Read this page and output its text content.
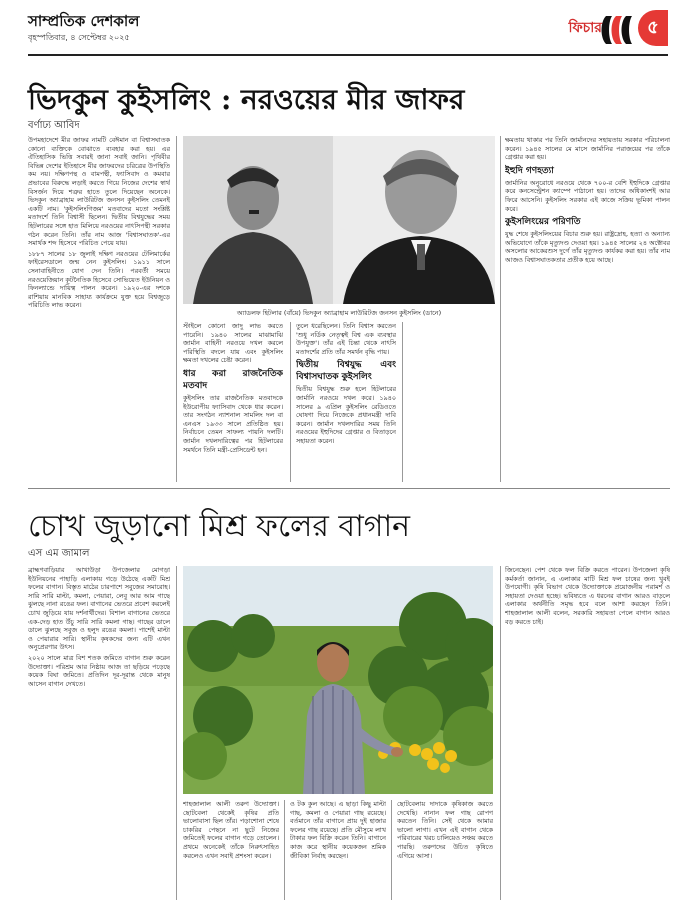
সাম্প্রতিক দেশকাল
বৃহস্পতিবার, ৪ সেপ্টেম্বর ২০২৫
ফিচার	৫
ভিদকুন কুইসলিং : নরওয়ের মীর জাফর
বর্ণাঢ্য আবিদ

উপমহাদেশে মীর জাফর নামটি বেঈমান বা বিশ্বাসঘাতক কোনো ব্যক্তিকে বোঝাতে ব্যবহার করা হয়। এর ঐতিহাসিক ভিত্তি সবারই জানা সবাই জানি। পৃথিবীর বিভিন্ন দেশের ইতিহাসে মীর জাফরদের চরিত্রের উপস্থিতি কম নয়। দক্ষিণপন্থ ও বামপন্থী, ফ্যাসিবাদ ও কমবার প্রভাবের বিরুদ্ধে লড়াই করতে গিয়ে নিজের দেশের স্বার্থ বিসর্জন দিয়ে শত্রুর হাতে তুলে দিয়েছেন অনেকে। ভিদকুন অ্যাব্রাহাম লাউরিটজ জনসন কুইসলিং তেমনই একটি নাম। 'কুইসলিংগিজম' মতবাদের মতো সংশ্লিষ্ট মতাদর্শে তিনি বিশ্বাসী ছিলেন। দ্বিতীয় বিশ্বযুদ্ধের সময় হিটলারের সঙ্গে হাত মিলিয়ে নরওয়ের নাৎসিপন্থী সরকার গঠন করেন তিনি। তাঁর নাম আজ 'বিশ্বাসঘাতক'-এর সমার্থক শব্দ হিসেবে পরিচিত পেয়ে যায়।

১৮৮৭ সালের ১৮ জুলাই দক্ষিণ নরওয়ের টেলিমার্কের ফাইরেসডালে জন্ম নেন কুইসলিং। ১৯১১ সালে সেনাবাহিনীতে যোগ দেন তিনি। পরবর্তী সময়ে নরওয়েজিয়ান কূটনৈতিক হিসেবে সোভিয়েত ইউনিয়ন ও ফিনল্যান্ডে দায়িত্ব পালন করেন। ১৯২০-এর দশকে রাশিয়ায় মানবিক সাহায্য কার্যক্রমে যুক্ত হয়ে বিশ্বজুড়ে পরিচিতি লাভ করেন।

অ্যাডলফ হিটলার (বাঁয়ে) ভিদকুন অ্যাব্রাহাম লাউরিটজ জনসন কুইসলিং (ডানে)

স্টাইলে কোনো জাদু লাভ করতে পারেনি। ১৯৪০ সালের মাঝামাঝি জার্মান বাহিনী নরওয়ে দখল করলে পরিস্থিতি বদলে যায় এবং কুইসলিং ক্ষমতা দখলের চেষ্টা করেন।

ধার করা রাজনৈতিক মতবাদ

কুইসলিং তার রাজনৈতিক মতবাদকে ইউরোপীয় ফ্যাসিবাদ থেকে ধার করেন। তার সংগঠন ন্যাশনাল সামলিং দল বা এনএস ১৯৩৩ সালে প্রতিষ্ঠিত হয়। নির্বাচনে তেমন সাফল্য পায়নি দলটি। জার্মান দখলদারিত্বের পর হিটলারের সমর্থনে তিনি মন্ত্রী-প্রেসিডেন্ট হন।

তুলে ধরেছিলেন। তিনি বিশ্বাস করতেন 'শুধু নর্ডিক নেতৃত্বই বিশ্ব এক ব্যবস্থার উপযুক্ত'। তাঁর এই চিন্তা থেকে নাৎসি মতাদর্শের প্রতি তাঁর সমর্থন বৃদ্ধি পায়।

দ্বিতীয় বিশ্বযুদ্ধ এবং বিশ্বাসঘাতক কুইসলিং

দ্বিতীয় বিশ্বযুদ্ধ শুরু হলে হিটলারের জার্মানি নরওয়ে দখল করে। ১৯৪০ সালের ৯ এপ্রিল কুইসলিং রেডিওতে ঘোষণা দিয়ে নিজেকে প্রধানমন্ত্রী দাবি করেন। জার্মান দখলদারির সময় তিনি নরওয়ের ইহুদিদের গ্রেপ্তার ও বিতাড়নে সহায়তা করেন।

ক্ষমতায় থাকার পর তিনি জার্মানদের সহায়তায় সরকার পরিচালনা করেন। ১৯৪৫ সালের মে মাসে জার্মানির পরাজয়ের পর তাঁকে গ্রেপ্তার করা হয়।

ইহুদি গণহত্যা

জার্মানির অনুরোধে নরওয়ে থেকে ৭০০-র বেশি ইহুদিকে গ্রেপ্তার করে কনসেন্ট্রেশন ক্যাম্পে পাঠানো হয়। তাদের অধিকাংশই আর ফিরে আসেনি। কুইসলিং সরকার এই কাজে সক্রিয় ভূমিকা পালন করে।

কুইসলিংয়ের পরিণতি

যুদ্ধ শেষে কুইসলিংয়ের বিচার শুরু হয়। রাষ্ট্রদ্রোহ, হত্যা ও অন্যান্য অভিযোগে তাঁকে মৃত্যুদণ্ড দেওয়া হয়। ১৯৪৫ সালের ২৪ অক্টোবর অসলোর আকেরশুস দুর্গে তাঁর মৃত্যুদণ্ড কার্যকর করা হয়। তাঁর নাম আজও বিশ্বাসঘাতকতার প্রতীক হয়ে আছে।

চোখ জুড়ানো মিশ্র ফলের বাগান
এস এম জামাল

ব্রাহ্মণবাড়িয়ার আখাউড়া উপজেলার মোগড়া ইউনিয়নের পাহাড়ি এলাকায় গড়ে উঠেছে একটি মিশ্র ফলের বাগান। বিস্তৃত মাঠের চারপাশে সবুজের সমারোহ। সারি সারি মাল্টা, কমলা, পেয়ারা, লেবু আর আম গাছে ঝুলছে নানা রঙের ফল। বাগানের ভেতরে প্রবেশ করলেই চোখ জুড়িয়ে যায় দর্শনার্থীদের। বিশাল বাগানের ভেতরে এক-দেড় হাত উঁচু সারি সারি কমলা গাছ। গাছের ডালে ডালে ঝুলছে সবুজ ও হলুদ রঙের কমলা। পাশেই মাল্টা ও পেয়ারার সারি। স্থানীয় কৃষকদের জন্য এটি এখন অনুপ্রেরণার উৎস।

২০২০ সালে মাত্র বিশ শতক জমিতে বাগান শুরু করেন উদ্যোক্তা। পরিশ্রম আর নিষ্ঠায় আজ তা ছড়িয়ে পড়েছে কয়েক বিঘা জমিতে। প্রতিদিন দূর-দূরান্ত থেকে মানুষ আসেন বাগান দেখতে।

শাহজালাল আলী তরুণ উদ্যোক্তা। ছোটবেলা থেকেই কৃষির প্রতি ভালোবাসা ছিল তাঁর। পড়াশোনা শেষে চাকরির পেছনে না ছুটে নিজের জমিতেই ফলের বাগান গড়ে তোলেন। প্রথমে অনেকেই তাঁকে নিরুৎসাহিত করলেও এখন সবাই প্রশংসা করেন।

ও টক কুল আছে। এ ছাড়া কিছু মাল্টা গাছ, কমলা ও পেয়ারা গাছ রয়েছে। বর্তমানে তাঁর বাগানে প্রায় দুই হাজার ফলের গাছ রয়েছে। প্রতি মৌসুমে লাখ টাকার ফল বিক্রি করেন তিনি। বাগানে কাজ করে স্থানীয় কয়েকজন শ্রমিক জীবিকা নির্বাহ করছেন।

ছোটবেলায় দাদাকে কৃষিকাজ করতে দেখেছি। নানান ফল গাছ রোপণ করতেন তিনি। সেই থেকে আমার ভালো লাগা। এখন এই বাগান থেকে পরিবারের খরচ চালিয়েও সঞ্চয় করতে পারছি। তরুণদের উচিত কৃষিতে এগিয়ে আসা।

জিনেছেন। পেশ থেকে ফল বিক্রি করতে পারেন। উপজেলা কৃষি কর্মকর্তা জানান, এ এলাকার মাটি মিশ্র ফল চাষের জন্য খুবই উপযোগী। কৃষি বিভাগ থেকে উদ্যোক্তাকে প্রয়োজনীয় পরামর্শ ও সহায়তা দেওয়া হচ্ছে। ভবিষ্যতে এ ধরনের বাগান আরও বাড়লে এলাকার অর্থনীতি সমৃদ্ধ হবে বলে আশা করছেন তিনি। শাহজালাল আলী বলেন, সরকারি সহায়তা পেলে বাগান আরও বড় করতে চাই।
